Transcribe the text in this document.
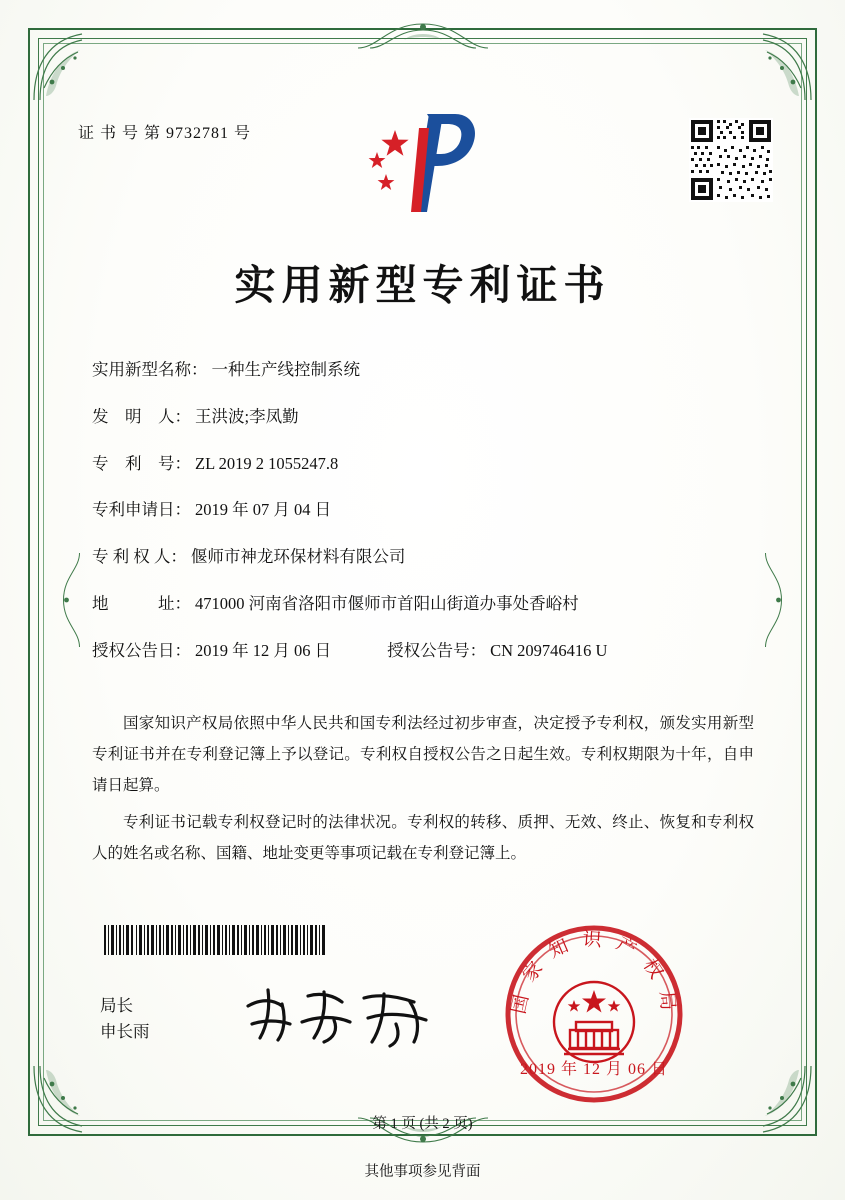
证 书 号 第 9732781 号
实用新型专利证书
实用新型名称： 一种生产线控制系统
发　明　人： 王洪波;李凤勤
专　利　号： ZL 2019 2 1055247.8
专利申请日： 2019 年 07 月 04 日
专 利 权 人： 偃师市神龙环保材料有限公司
地　　　址： 471000 河南省洛阳市偃师市首阳山街道办事处香峪村
授权公告日： 2019 年 12 月 06 日	授权公告号： CN 209746416 U

国家知识产权局依照中华人民共和国专利法经过初步审查，决定授予专利权，颁发实用新型专利证书并在专利登记簿上予以登记。专利权自授权公告之日起生效。专利权期限为十年，自申请日起算。

专利证书记载专利权登记时的法律状况。专利权的转移、质押、无效、终止、恢复和专利权人的姓名或名称、国籍、地址变更等事项记载在专利登记簿上。

局长
申长雨
国家知识产权局
2019 年 12 月 06 日
第 1 页 (共 2 页)
其他事项参见背面
